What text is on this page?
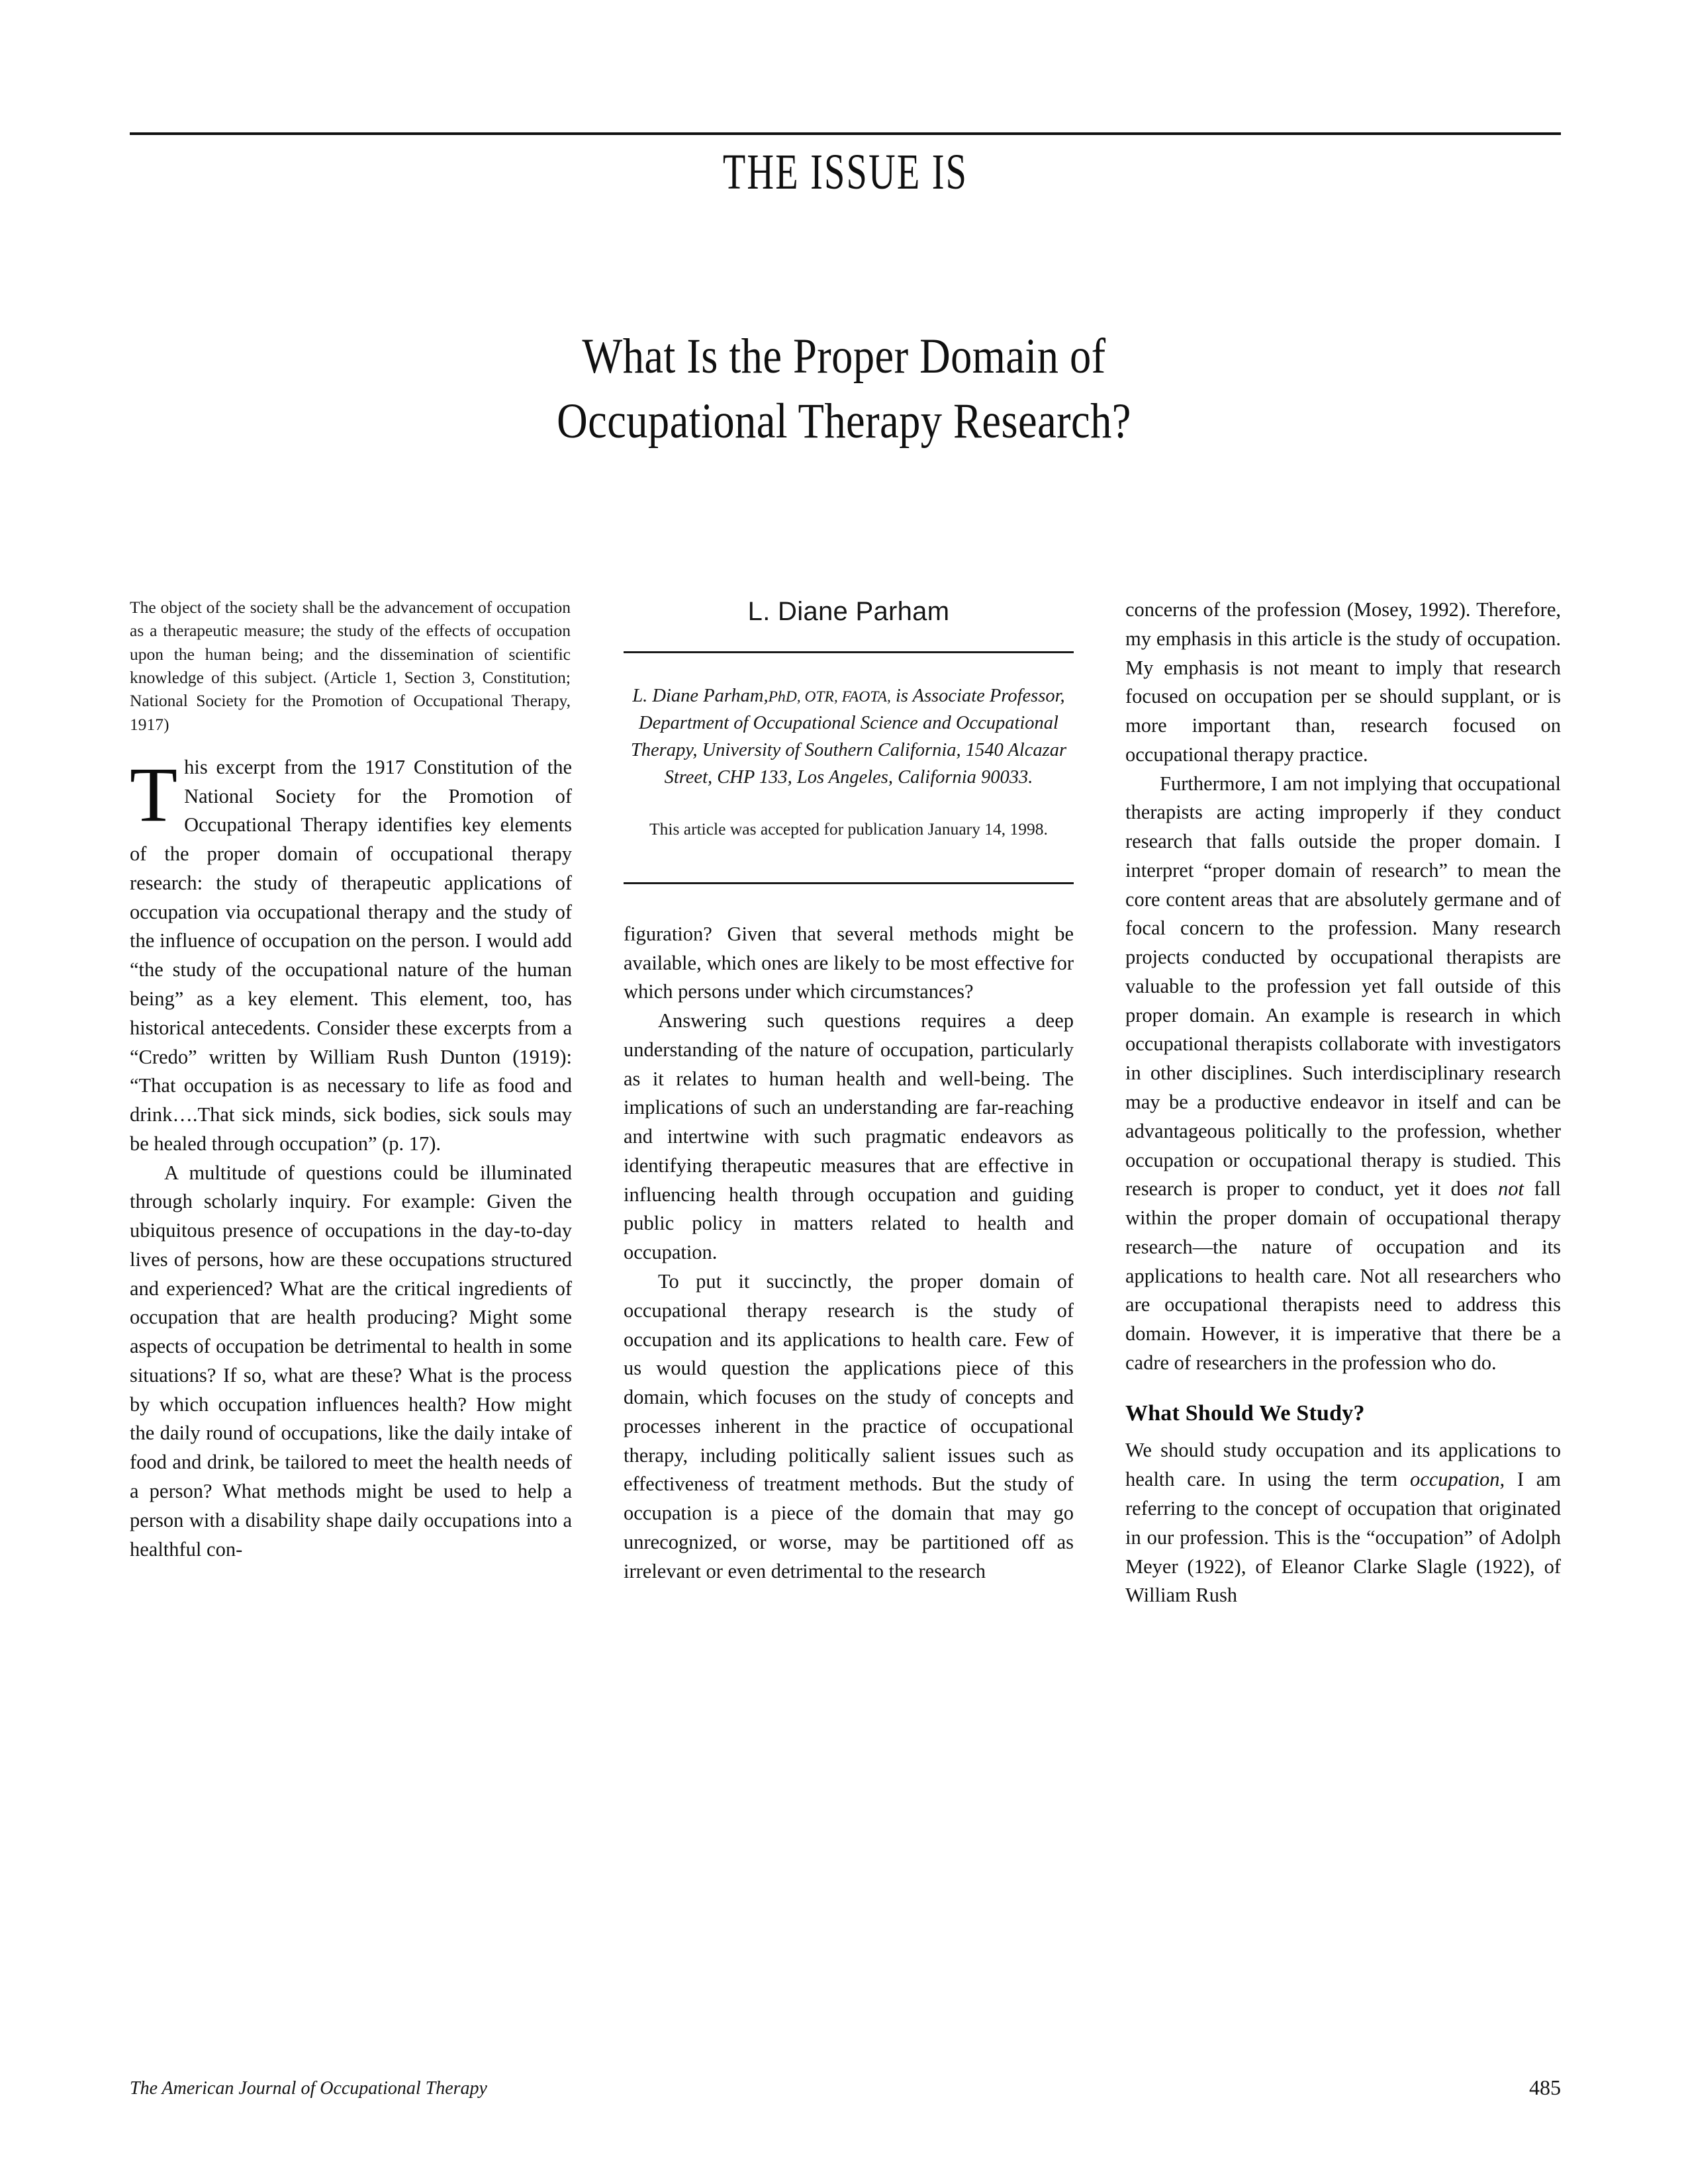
THE ISSUE IS
What Is the Proper Domain of
Occupational Therapy Research?

The object of the society shall be the advancement of occupation as a therapeutic measure; the study of the effects of occupation upon the human being; and the dissemination of scientific knowledge of this subject. (Article 1, Section 3, Constitution; National Society for the Promotion of Occupational Therapy, 1917)

This excerpt from the 1917 Constitution of the National Society for the Promotion of Occupational Therapy identifies key elements of the proper domain of occupational therapy research: the study of therapeutic applications of occupation via occupational therapy and the study of the influence of occupation on the person. I would add “the study of the occupational nature of the human being” as a key element. This element, too, has historical antecedents. Consider these excerpts from a “Credo” written by William Rush Dunton (1919): “That occupation is as necessary to life as food and drink….That sick minds, sick bodies, sick souls may be healed through occupation” (p. 17).

A multitude of questions could be illuminated through scholarly inquiry. For example: Given the ubiquitous presence of occupations in the day-to-day lives of persons, how are these occupations structured and experienced? What are the critical ingredients of occupation that are health producing? Might some aspects of occupation be detrimental to health in some situations? If so, what are these? What is the process by which occupation influences health? How might the daily round of occupations, like the daily intake of food and drink, be tailored to meet the health needs of a person? What methods might be used to help a person with a disability shape daily occupations into a healthful con-

L. Diane Parham

L. Diane Parham,PhD, OTR, FAOTA, is Associate Professor, Department of Occupational Science and Occupational Therapy, University of Southern California, 1540 Alcazar Street, CHP 133, Los Angeles, California 90033.

This article was accepted for publication January 14, 1998.

figuration? Given that several methods might be available, which ones are likely to be most effective for which persons under which circumstances?

Answering such questions requires a deep understanding of the nature of occupation, particularly as it relates to human health and well-being. The implications of such an understanding are far-reaching and intertwine with such pragmatic endeavors as identifying therapeutic measures that are effective in influencing health through occupation and guiding public policy in matters related to health and occupation.

To put it succinctly, the proper domain of occupational therapy research is the study of occupation and its applications to health care. Few of us would question the applications piece of this domain, which focuses on the study of concepts and processes inherent in the practice of occupational therapy, including politically salient issues such as effectiveness of treatment methods. But the study of occupation is a piece of the domain that may go unrecognized, or worse, may be partitioned off as irrelevant or even detrimental to the research

concerns of the profession (Mosey, 1992). Therefore, my emphasis in this article is the study of occupation. My emphasis is not meant to imply that research focused on occupation per se should supplant, or is more important than, research focused on occupational therapy practice.

Furthermore, I am not implying that occupational therapists are acting improperly if they conduct research that falls outside the proper domain. I interpret “proper domain of research” to mean the core content areas that are absolutely germane and of focal concern to the profession. Many research projects conducted by occupational therapists are valuable to the profession yet fall outside of this proper domain. An example is research in which occupational therapists collaborate with investigators in other disciplines. Such interdisciplinary research may be a productive endeavor in itself and can be advantageous politically to the profession, whether occupation or occupational therapy is studied. This research is proper to conduct, yet it does not fall within the proper domain of occupational therapy research—the nature of occupation and its applications to health care. Not all researchers who are occupational therapists need to address this domain. However, it is imperative that there be a cadre of researchers in the profession who do.

What Should We Study?

We should study occupation and its applications to health care. In using the term occupation, I am referring to the concept of occupation that originated in our profession. This is the “occupation” of Adolph Meyer (1922), of Eleanor Clarke Slagle (1922), of William Rush

The American Journal of Occupational Therapy	485
